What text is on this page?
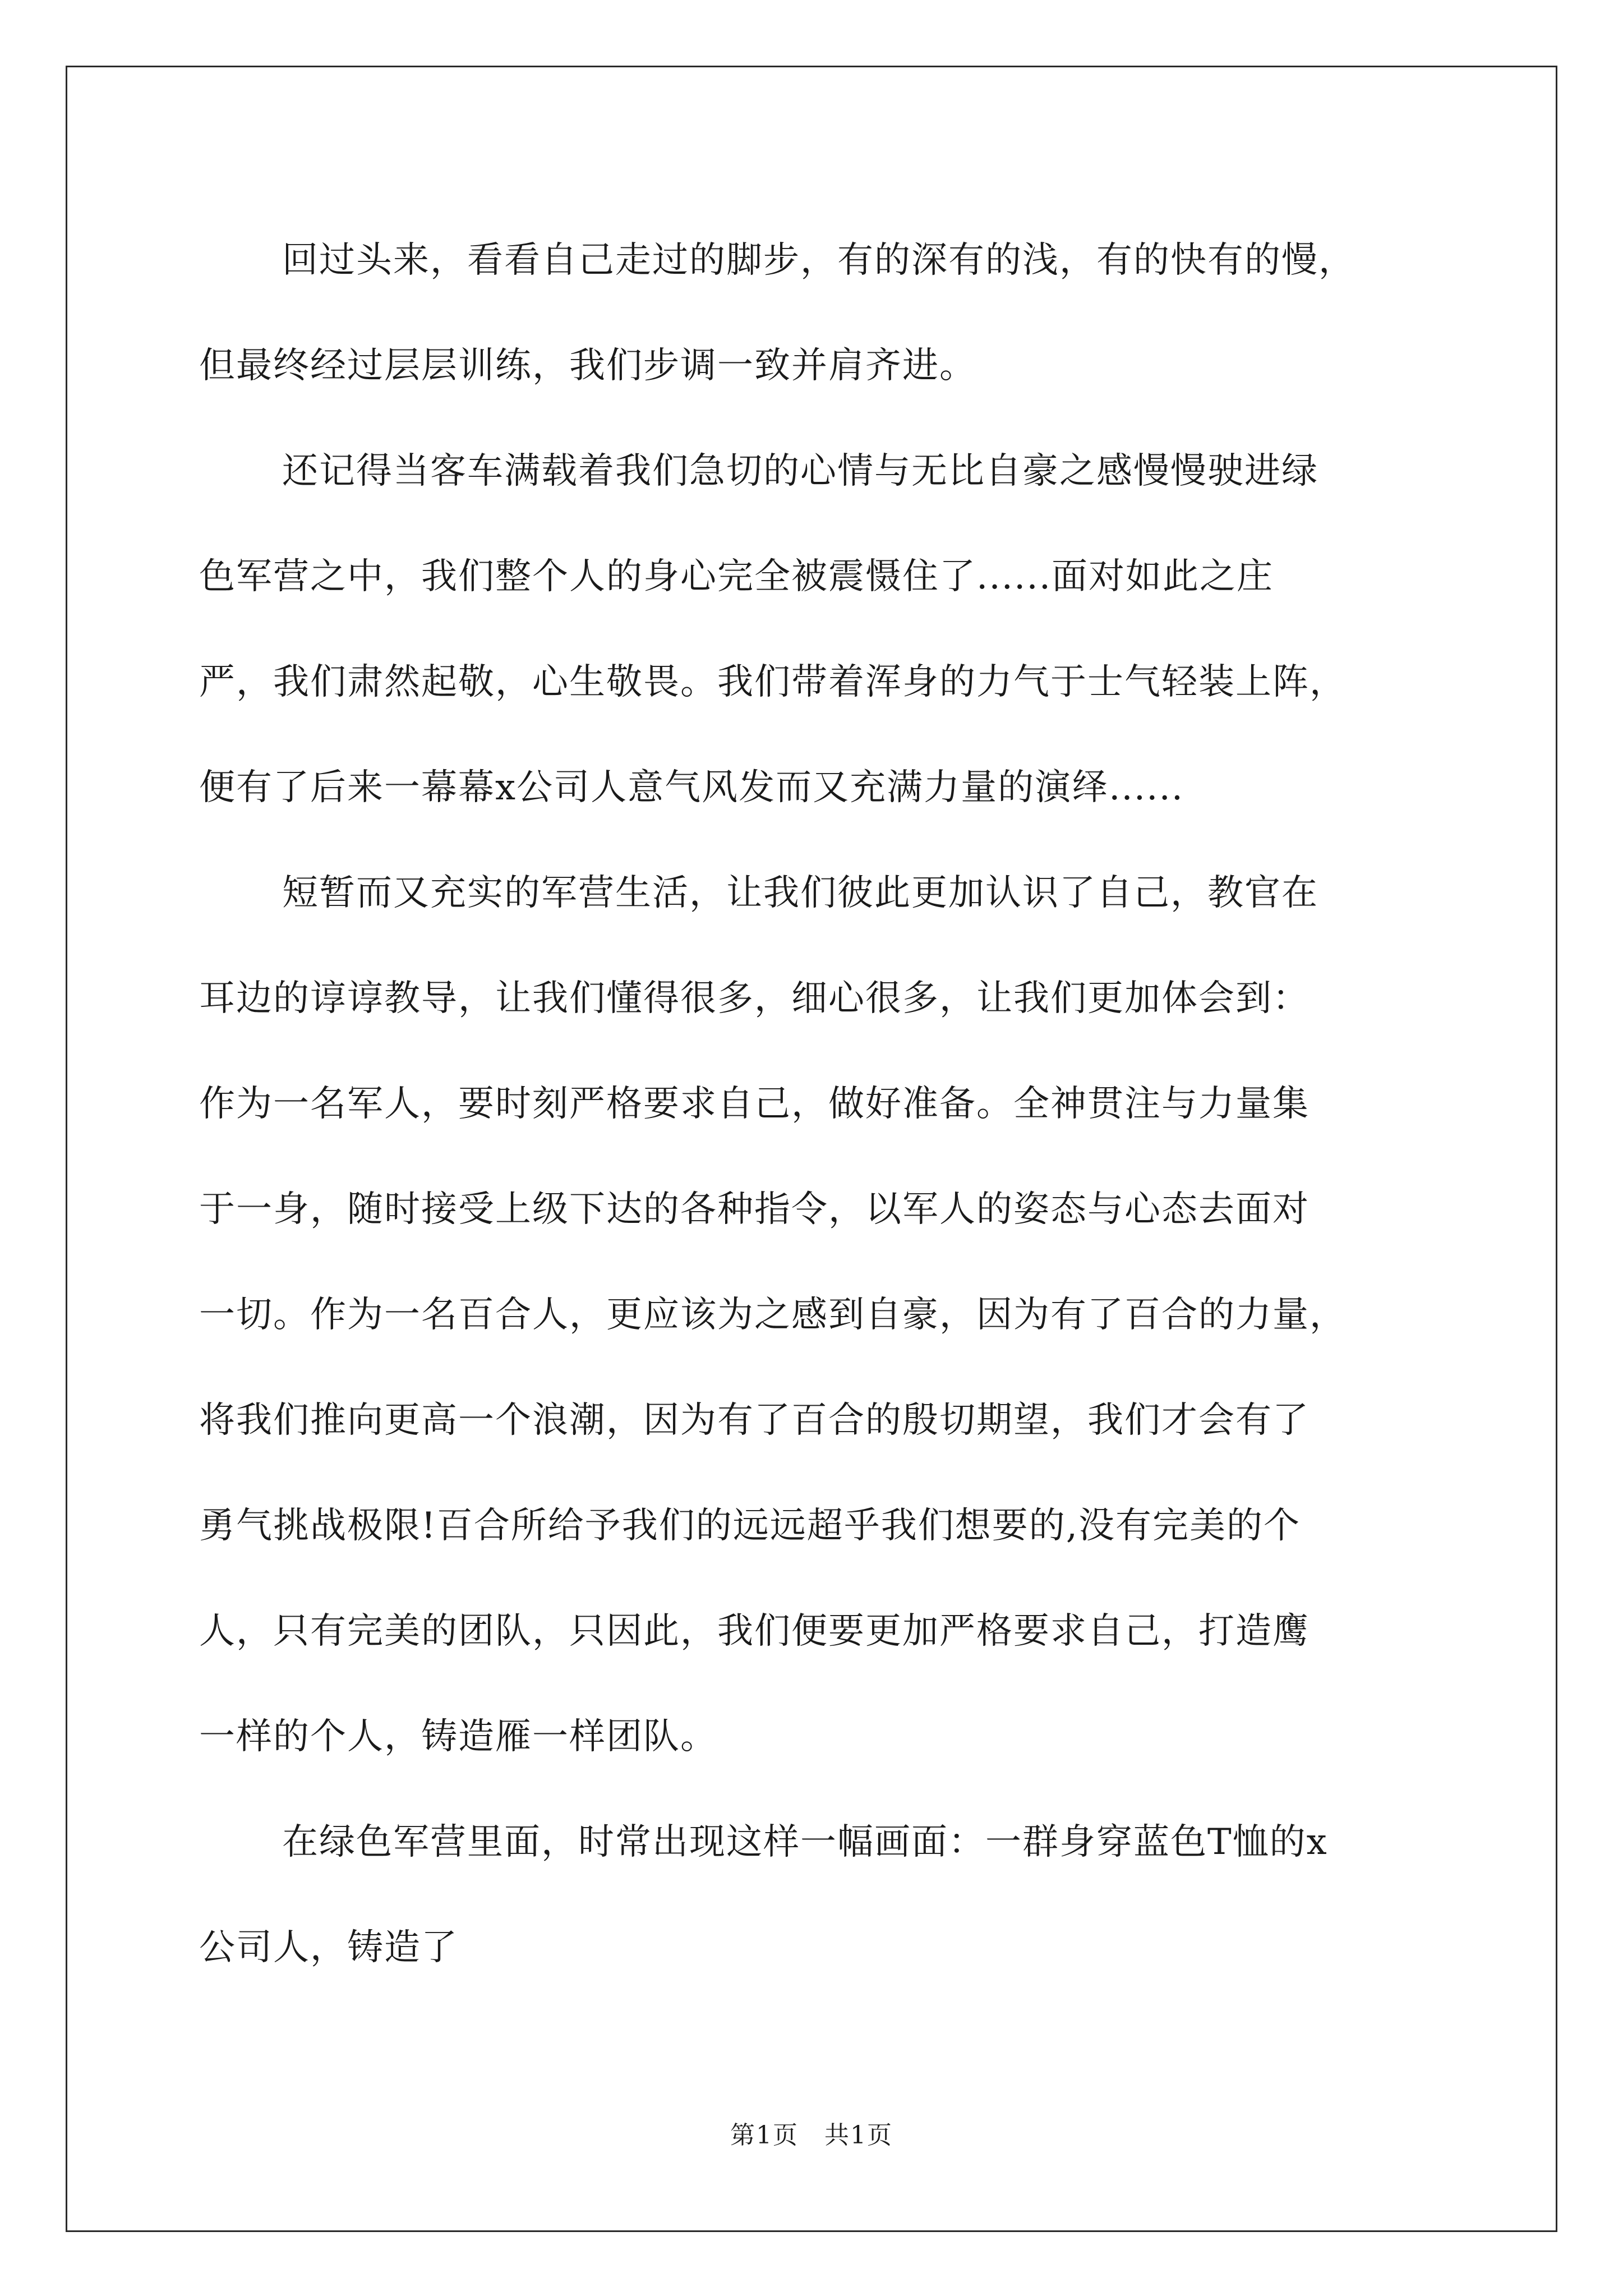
回过头来，看看自己走过的脚步，有的深有的浅，有的快有的慢，
但最终经过层层训练，我们步调一致并肩齐进。
还记得当客车满载着我们急切的心情与无比自豪之感慢慢驶进绿
色军营之中，我们整个人的身心完全被震慑住了......面对如此之庄
严，我们肃然起敬，心生敬畏。我们带着浑身的力气于士气轻装上阵，
便有了后来一幕幕x公司人意气风发而又充满力量的演绎......
短暂而又充实的军营生活，让我们彼此更加认识了自己，教官在
耳边的谆谆教导，让我们懂得很多，细心很多，让我们更加体会到：
作为一名军人，要时刻严格要求自己，做好准备。全神贯注与力量集
于一身，随时接受上级下达的各种指令，以军人的姿态与心态去面对
一切。作为一名百合人，更应该为之感到自豪，因为有了百合的力量，
将我们推向更高一个浪潮，因为有了百合的殷切期望，我们才会有了
勇气挑战极限!百合所给予我们的远远超乎我们想要的,没有完美的个
人，只有完美的团队，只因此，我们便要更加严格要求自己，打造鹰
一样的个人，铸造雁一样团队。
在绿色军营里面，时常出现这样一幅画面：一群身穿蓝色T恤的x
公司人，铸造了
第1页　共1页
